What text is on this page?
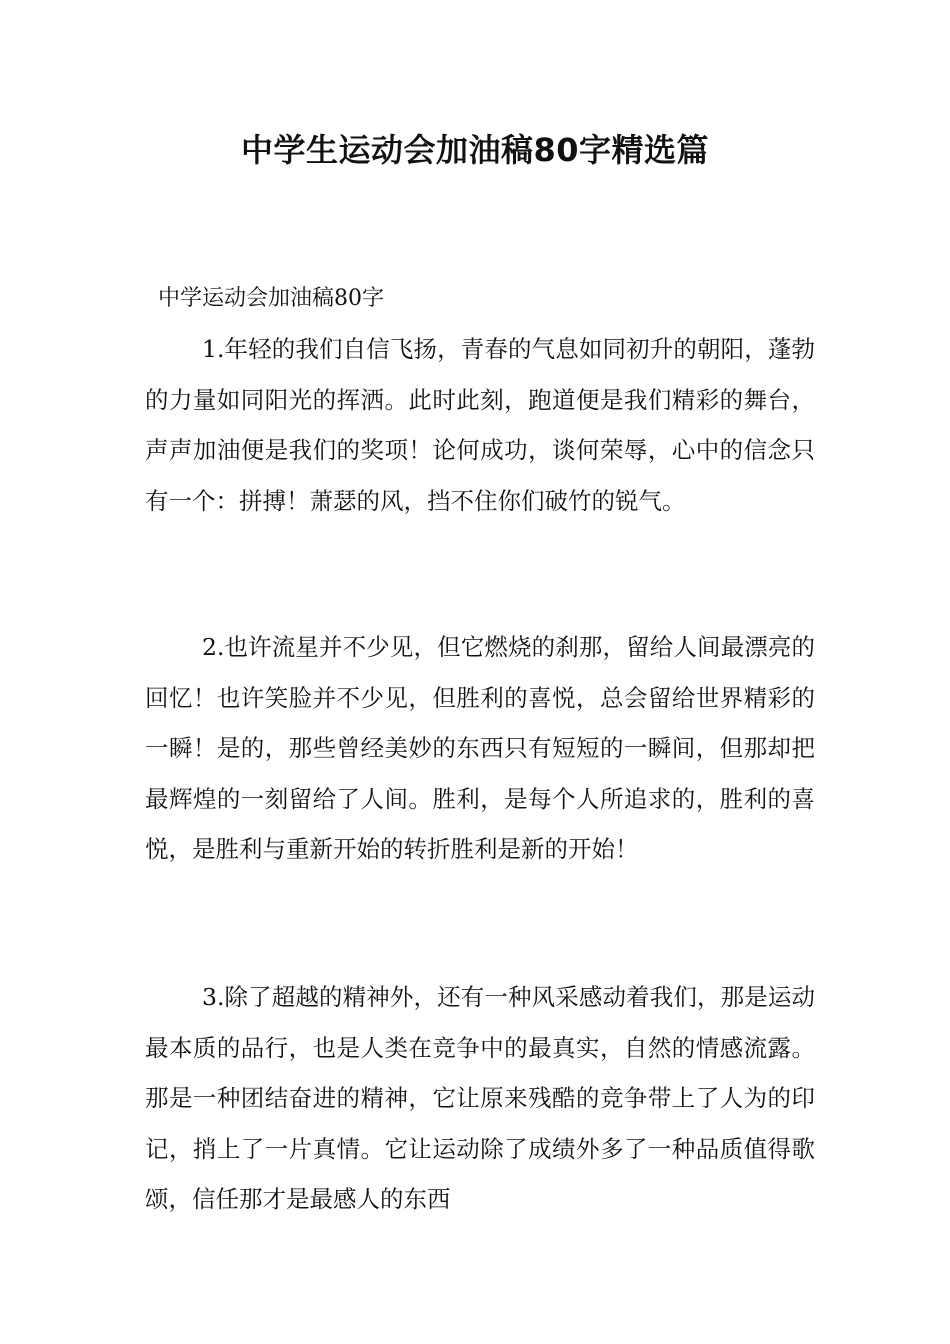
中学生运动会加油稿80字精选篇

中学运动会加油稿80字

1.年轻的我们自信飞扬，青春的气息如同初升的朝阳，蓬勃的力量如同阳光的挥洒。此时此刻，跑道便是我们精彩的舞台，声声加油便是我们的奖项！论何成功，谈何荣辱，心中的信念只有一个：拼搏！萧瑟的风，挡不住你们破竹的锐气。

2.也许流星并不少见，但它燃烧的刹那，留给人间最漂亮的回忆！也许笑脸并不少见，但胜利的喜悦，总会留给世界精彩的一瞬！是的，那些曾经美妙的东西只有短短的一瞬间，但那却把最辉煌的一刻留给了人间。胜利，是每个人所追求的，胜利的喜悦，是胜利与重新开始的转折胜利是新的开始！

3.除了超越的精神外，还有一种风采感动着我们，那是运动最本质的品行，也是人类在竞争中的最真实，自然的情感流露。那是一种团结奋进的精神，它让原来残酷的竞争带上了人为的印记，捎上了一片真情。它让运动除了成绩外多了一种品质值得歌颂，信任那才是最感人的东西
